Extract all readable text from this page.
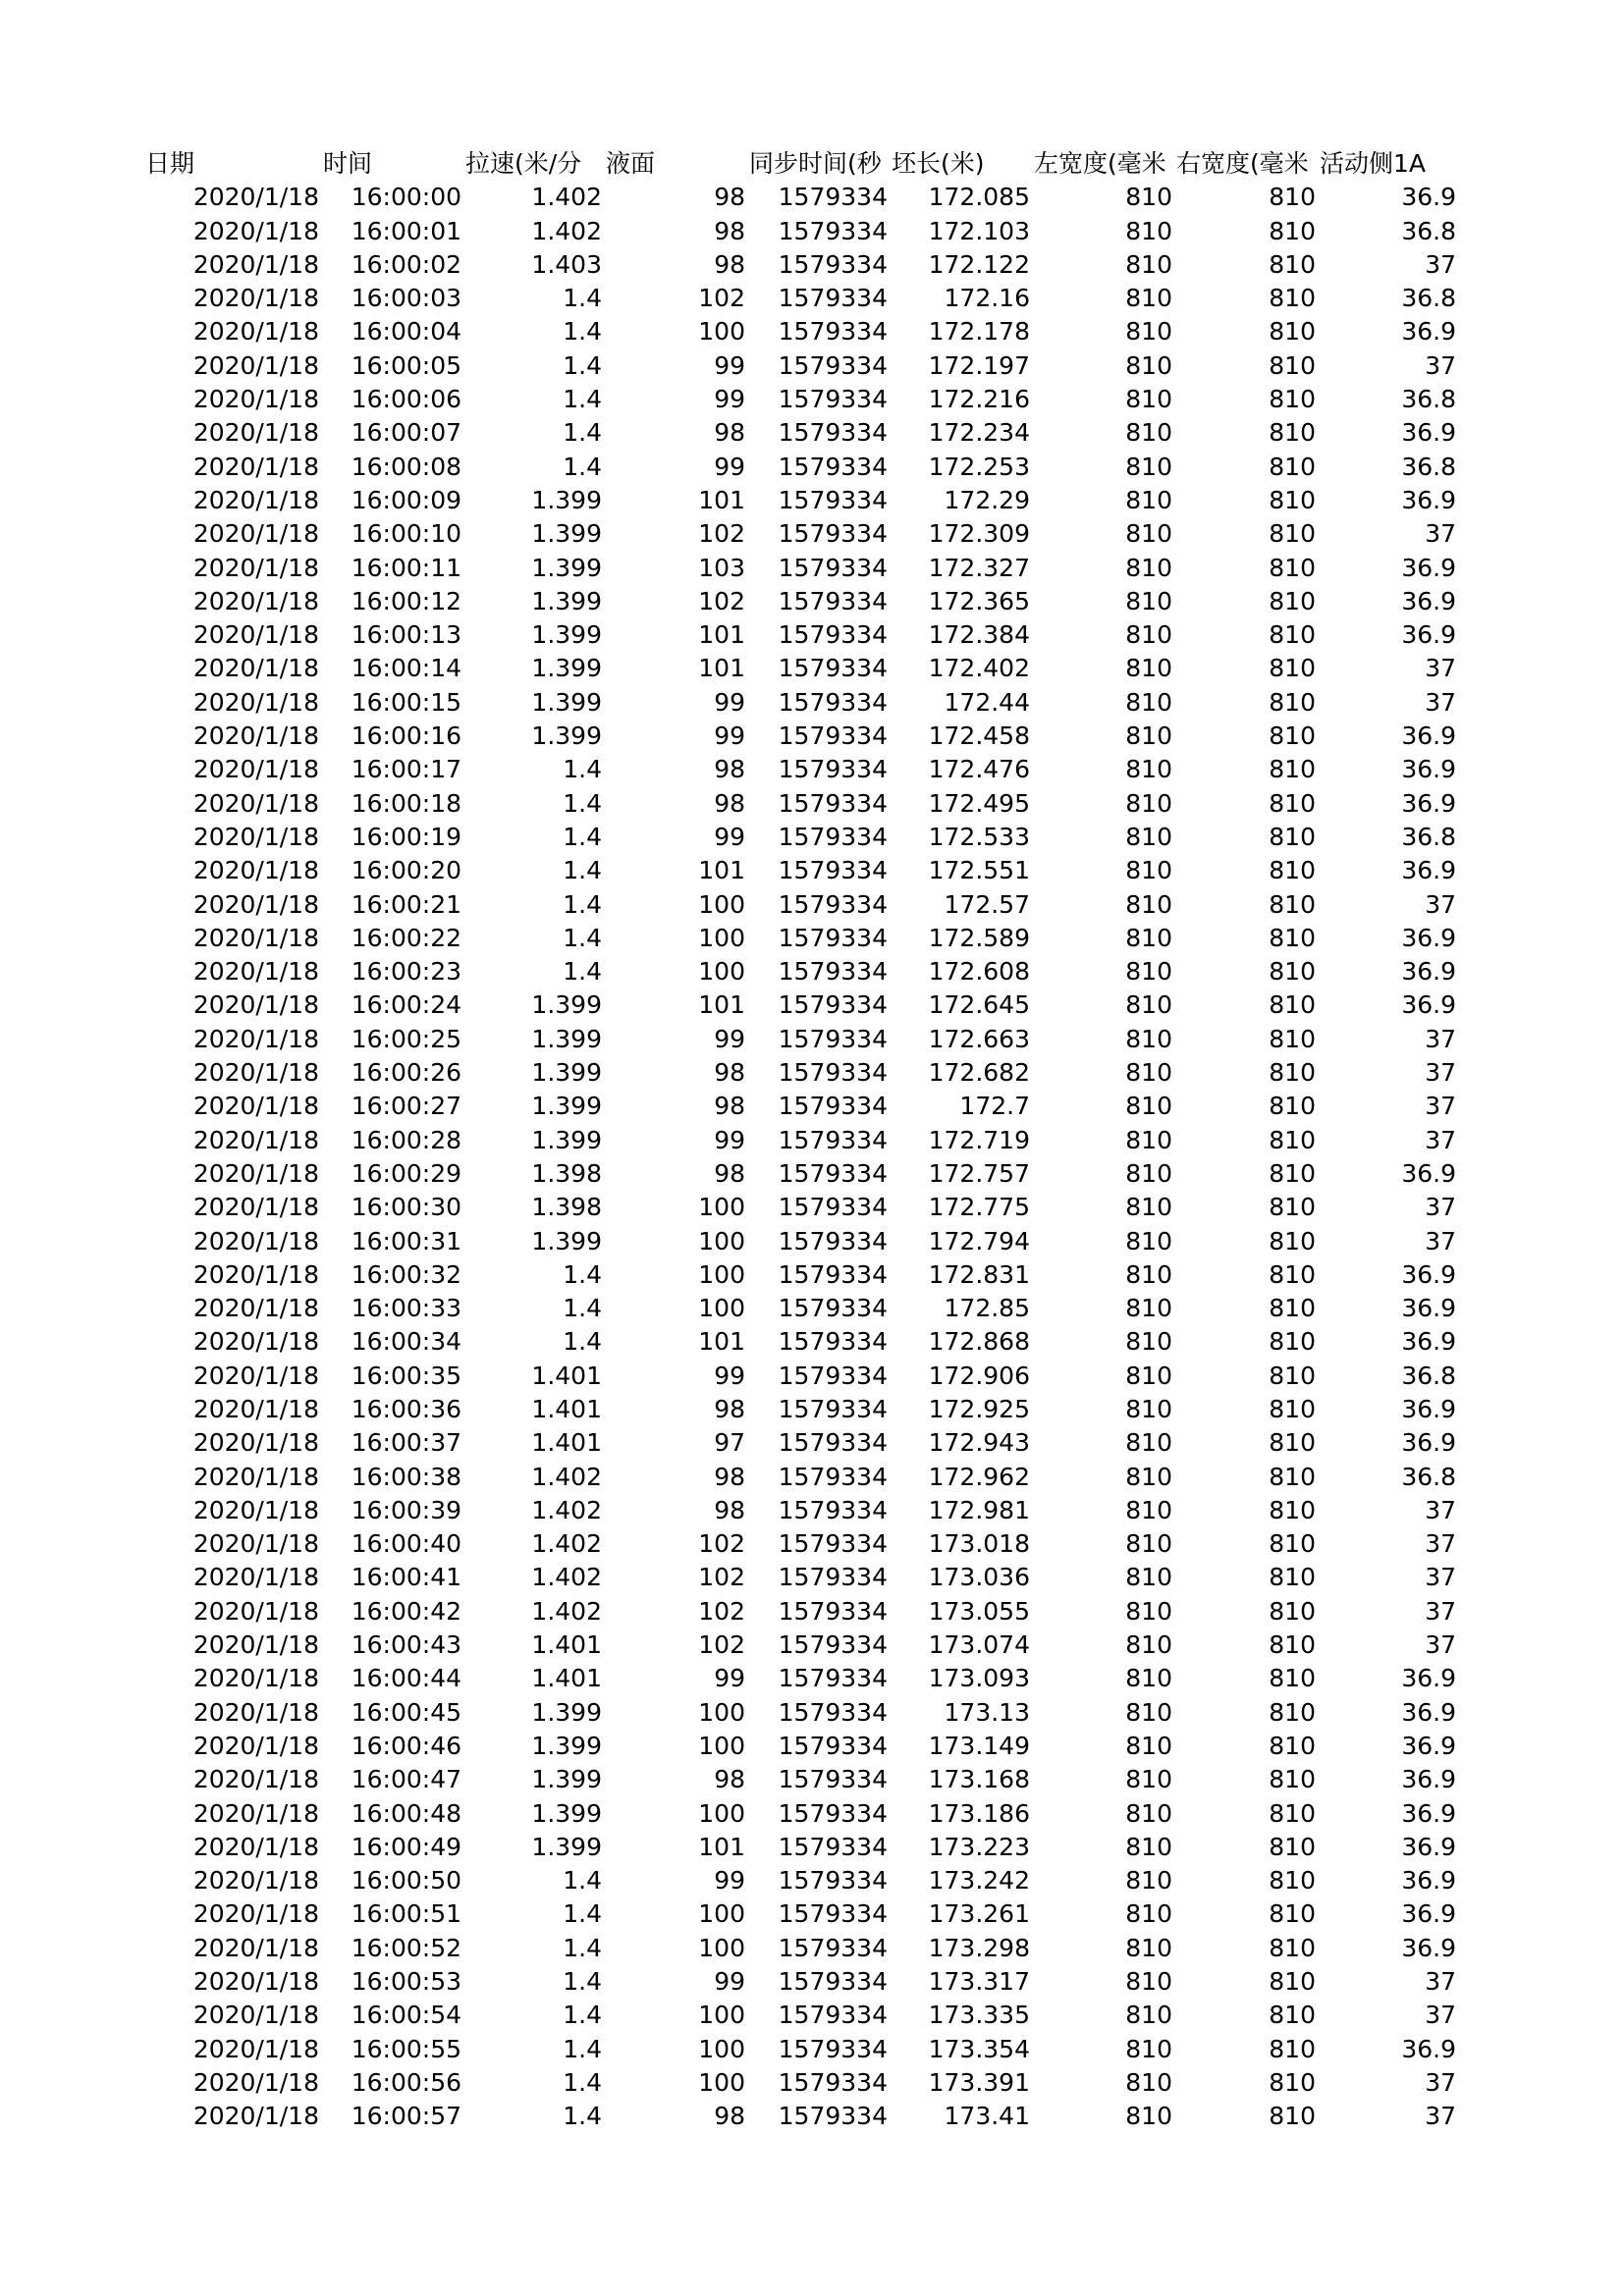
日期	时间	拉速(米/分	液面	同步时间(秒	坯长(米)	左宽度(毫米	右宽度(毫米	活动侧1A
2020/1/18	16:00:00	1.402	98	1579334	172.085	810	810	36.9
2020/1/18	16:00:01	1.402	98	1579334	172.103	810	810	36.8
2020/1/18	16:00:02	1.403	98	1579334	172.122	810	810	37
2020/1/18	16:00:03	1.4	102	1579334	172.16	810	810	36.8
2020/1/18	16:00:04	1.4	100	1579334	172.178	810	810	36.9
2020/1/18	16:00:05	1.4	99	1579334	172.197	810	810	37
2020/1/18	16:00:06	1.4	99	1579334	172.216	810	810	36.8
2020/1/18	16:00:07	1.4	98	1579334	172.234	810	810	36.9
2020/1/18	16:00:08	1.4	99	1579334	172.253	810	810	36.8
2020/1/18	16:00:09	1.399	101	1579334	172.29	810	810	36.9
2020/1/18	16:00:10	1.399	102	1579334	172.309	810	810	37
2020/1/18	16:00:11	1.399	103	1579334	172.327	810	810	36.9
2020/1/18	16:00:12	1.399	102	1579334	172.365	810	810	36.9
2020/1/18	16:00:13	1.399	101	1579334	172.384	810	810	36.9
2020/1/18	16:00:14	1.399	101	1579334	172.402	810	810	37
2020/1/18	16:00:15	1.399	99	1579334	172.44	810	810	37
2020/1/18	16:00:16	1.399	99	1579334	172.458	810	810	36.9
2020/1/18	16:00:17	1.4	98	1579334	172.476	810	810	36.9
2020/1/18	16:00:18	1.4	98	1579334	172.495	810	810	36.9
2020/1/18	16:00:19	1.4	99	1579334	172.533	810	810	36.8
2020/1/18	16:00:20	1.4	101	1579334	172.551	810	810	36.9
2020/1/18	16:00:21	1.4	100	1579334	172.57	810	810	37
2020/1/18	16:00:22	1.4	100	1579334	172.589	810	810	36.9
2020/1/18	16:00:23	1.4	100	1579334	172.608	810	810	36.9
2020/1/18	16:00:24	1.399	101	1579334	172.645	810	810	36.9
2020/1/18	16:00:25	1.399	99	1579334	172.663	810	810	37
2020/1/18	16:00:26	1.399	98	1579334	172.682	810	810	37
2020/1/18	16:00:27	1.399	98	1579334	172.7	810	810	37
2020/1/18	16:00:28	1.399	99	1579334	172.719	810	810	37
2020/1/18	16:00:29	1.398	98	1579334	172.757	810	810	36.9
2020/1/18	16:00:30	1.398	100	1579334	172.775	810	810	37
2020/1/18	16:00:31	1.399	100	1579334	172.794	810	810	37
2020/1/18	16:00:32	1.4	100	1579334	172.831	810	810	36.9
2020/1/18	16:00:33	1.4	100	1579334	172.85	810	810	36.9
2020/1/18	16:00:34	1.4	101	1579334	172.868	810	810	36.9
2020/1/18	16:00:35	1.401	99	1579334	172.906	810	810	36.8
2020/1/18	16:00:36	1.401	98	1579334	172.925	810	810	36.9
2020/1/18	16:00:37	1.401	97	1579334	172.943	810	810	36.9
2020/1/18	16:00:38	1.402	98	1579334	172.962	810	810	36.8
2020/1/18	16:00:39	1.402	98	1579334	172.981	810	810	37
2020/1/18	16:00:40	1.402	102	1579334	173.018	810	810	37
2020/1/18	16:00:41	1.402	102	1579334	173.036	810	810	37
2020/1/18	16:00:42	1.402	102	1579334	173.055	810	810	37
2020/1/18	16:00:43	1.401	102	1579334	173.074	810	810	37
2020/1/18	16:00:44	1.401	99	1579334	173.093	810	810	36.9
2020/1/18	16:00:45	1.399	100	1579334	173.13	810	810	36.9
2020/1/18	16:00:46	1.399	100	1579334	173.149	810	810	36.9
2020/1/18	16:00:47	1.399	98	1579334	173.168	810	810	36.9
2020/1/18	16:00:48	1.399	100	1579334	173.186	810	810	36.9
2020/1/18	16:00:49	1.399	101	1579334	173.223	810	810	36.9
2020/1/18	16:00:50	1.4	99	1579334	173.242	810	810	36.9
2020/1/18	16:00:51	1.4	100	1579334	173.261	810	810	36.9
2020/1/18	16:00:52	1.4	100	1579334	173.298	810	810	36.9
2020/1/18	16:00:53	1.4	99	1579334	173.317	810	810	37
2020/1/18	16:00:54	1.4	100	1579334	173.335	810	810	37
2020/1/18	16:00:55	1.4	100	1579334	173.354	810	810	36.9
2020/1/18	16:00:56	1.4	100	1579334	173.391	810	810	37
2020/1/18	16:00:57	1.4	98	1579334	173.41	810	810	37
